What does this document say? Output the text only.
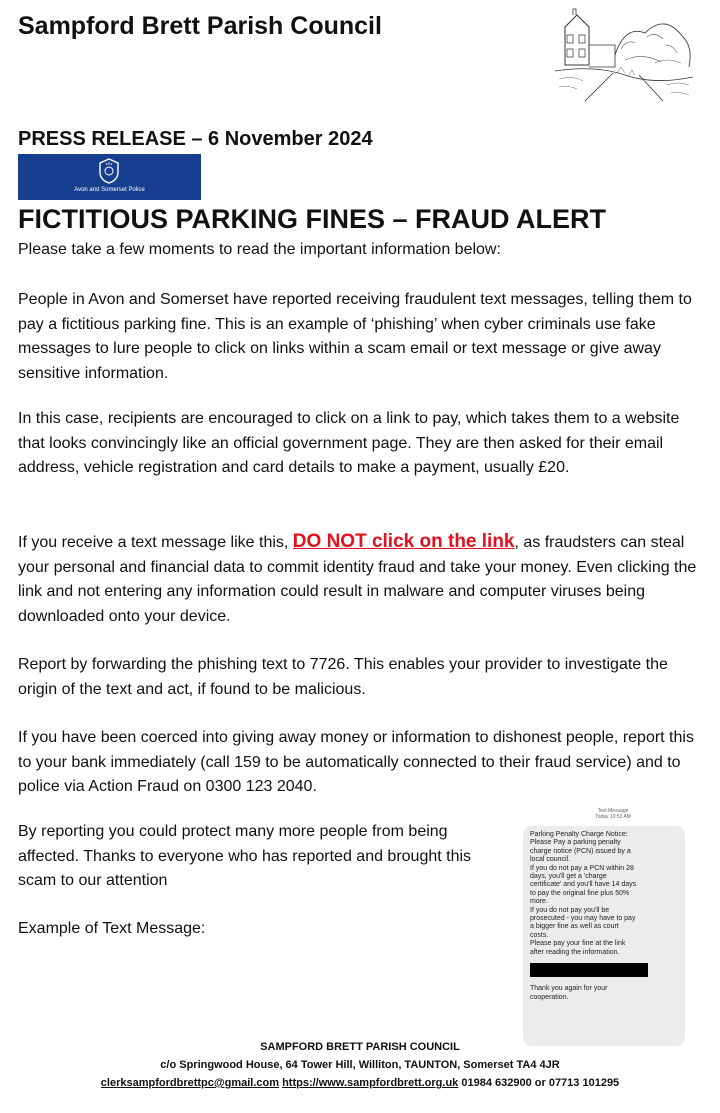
Sampford Brett Parish Council
PRESS RELEASE – 6 November 2024
Avon and Somerset Police
FICTITIOUS PARKING FINES – FRAUD ALERT

Please take a few moments to read the important information below:

People in Avon and Somerset have reported receiving fraudulent text messages, telling them to pay a fictitious parking fine. This is an example of ‘phishing’ when cyber criminals use fake messages to lure people to click on links within a scam email or text message or give away sensitive information.

In this case, recipients are encouraged to click on a link to pay, which takes them to a website that looks convincingly like an official government page. They are then asked for their email address, vehicle registration and card details to make a payment, usually £20.

If you receive a text message like this, DO NOT click on the link, as fraudsters can steal your personal and financial data to commit identity fraud and take your money. Even clicking the link and not entering any information could result in malware and computer viruses being downloaded onto your device.

Report by forwarding the phishing text to 7726. This enables your provider to investigate the origin of the text and act, if found to be malicious.

If you have been coerced into giving away money or information to dishonest people, report this to your bank immediately (call 159 to be automatically connected to their fraud service) and to police via Action Fraud on 0300 123 2040.

By reporting you could protect many more people from being affected. Thanks to everyone who has reported and brought this scam to our attention

Example of Text Message:

Text Message
Today 10:53 AM
Parking Penalty Charge Notice:
Please Pay a parking penalty
charge notice (PCN) issued by a
local council.
If you do not pay a PCN within 28
days, you'll get a 'charge
certificate' and you'll have 14 days
to pay the original fine plus 50%
more.
If you do not pay you'll be
prosecuted - you may have to pay
a bigger fine as well as court
costs.
Please pay your fine at the link
after reading the information.
Thank you again for your
cooperation.
SAMPFORD BRETT PARISH COUNCIL
c/o Springwood House, 64 Tower Hill, Williton, TAUNTON, Somerset TA4 4JR
clerksampfordbrettpc@gmail.com https://www.sampfordbrett.org.uk 01984 632900 or 07713 101295
